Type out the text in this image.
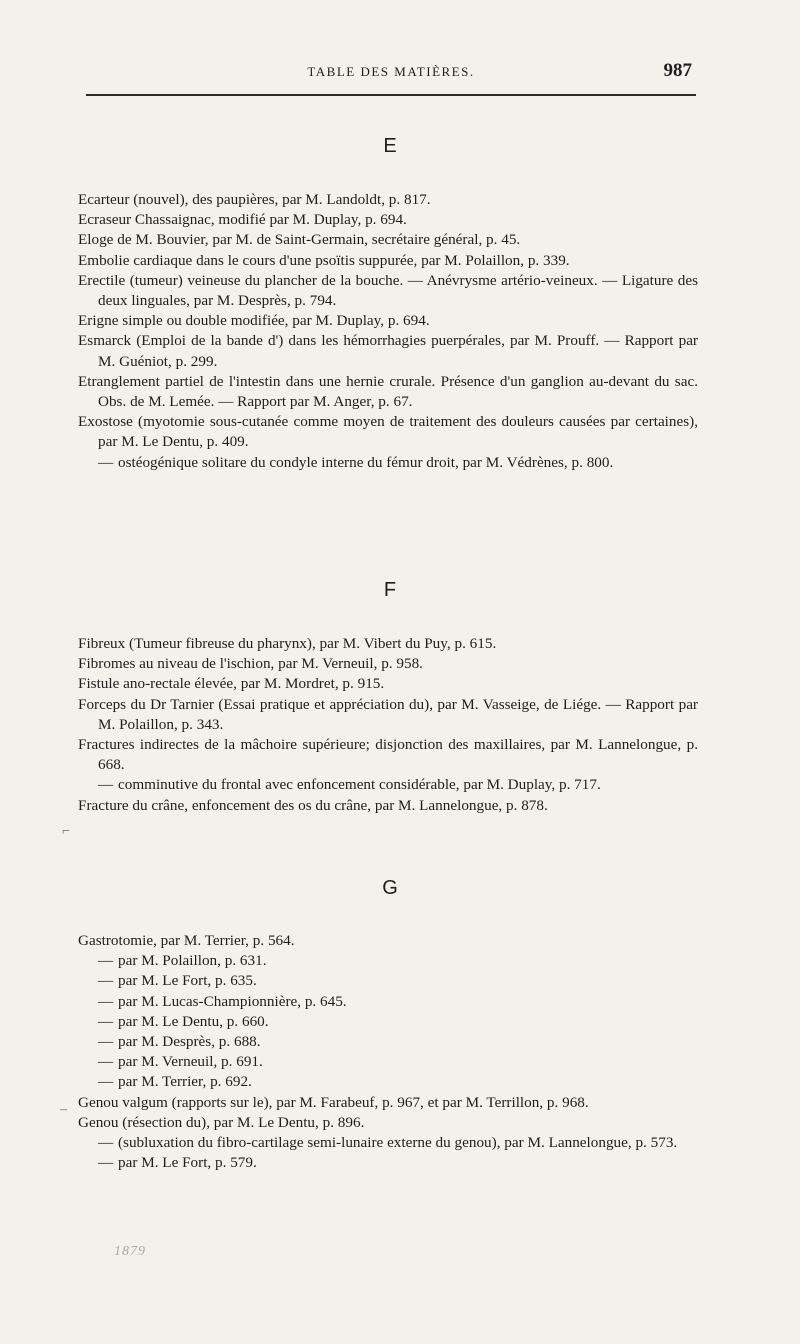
TABLE DES MATIÈRES.	987
E

Ecarteur (nouvel), des paupières, par M. Landoldt, p. 817.

Ecraseur Chassaignac, modifié par M. Duplay, p. 694.

Eloge de M. Bouvier, par M. de Saint-Germain, secrétaire général, p. 45.

Embolie cardiaque dans le cours d'une psoïtis suppurée, par M. Polaillon, p. 339.

Erectile (tumeur) veineuse du plancher de la bouche. — Anévrysme artério-veineux. — Ligature des deux linguales, par M. Desprès, p. 794.

Erigne simple ou double modifiée, par M. Duplay, p. 694.

Esmarck (Emploi de la bande d') dans les hémorrhagies puerpérales, par M. Prouff. — Rapport par M. Guéniot, p. 299.

Etranglement partiel de l'intestin dans une hernie crurale. Présence d'un ganglion au-devant du sac. Obs. de M. Lemée. — Rapport par M. Anger, p. 67.

Exostose (myotomie sous-cutanée comme moyen de traitement des douleurs causées par certaines), par M. Le Dentu, p. 409.

— ostéogénique solitare du condyle interne du fémur droit, par M. Védrènes, p. 800.

F

Fibreux (Tumeur fibreuse du pharynx), par M. Vibert du Puy, p. 615.

Fibromes au niveau de l'ischion, par M. Verneuil, p. 958.

Fistule ano-rectale élevée, par M. Mordret, p. 915.

Forceps du Dr Tarnier (Essai pratique et appréciation du), par M. Vasseige, de Liége. — Rapport par M. Polaillon, p. 343.

Fractures indirectes de la mâchoire supérieure; disjonction des maxillaires, par M. Lannelongue, p. 668.

— comminutive du frontal avec enfoncement considérable, par M. Duplay, p. 717.

Fracture du crâne, enfoncement des os du crâne, par M. Lannelongue, p. 878.

G

Gastrotomie, par M. Terrier, p. 564.

— par M. Polaillon, p. 631.

— par M. Le Fort, p. 635.

— par M. Lucas-Championnière, p. 645.

— par M. Le Dentu, p. 660.

— par M. Desprès, p. 688.

— par M. Verneuil, p. 691.

— par M. Terrier, p. 692.

Genou valgum (rapports sur le), par M. Farabeuf, p. 967, et par M. Terrillon, p. 968.

Genou (résection du), par M. Le Dentu, p. 896.

— (subluxation du fibro-cartilage semi-lunaire externe du genou), par M. Lannelongue, p. 573.

— par M. Le Fort, p. 579.

⌐
–
1879
